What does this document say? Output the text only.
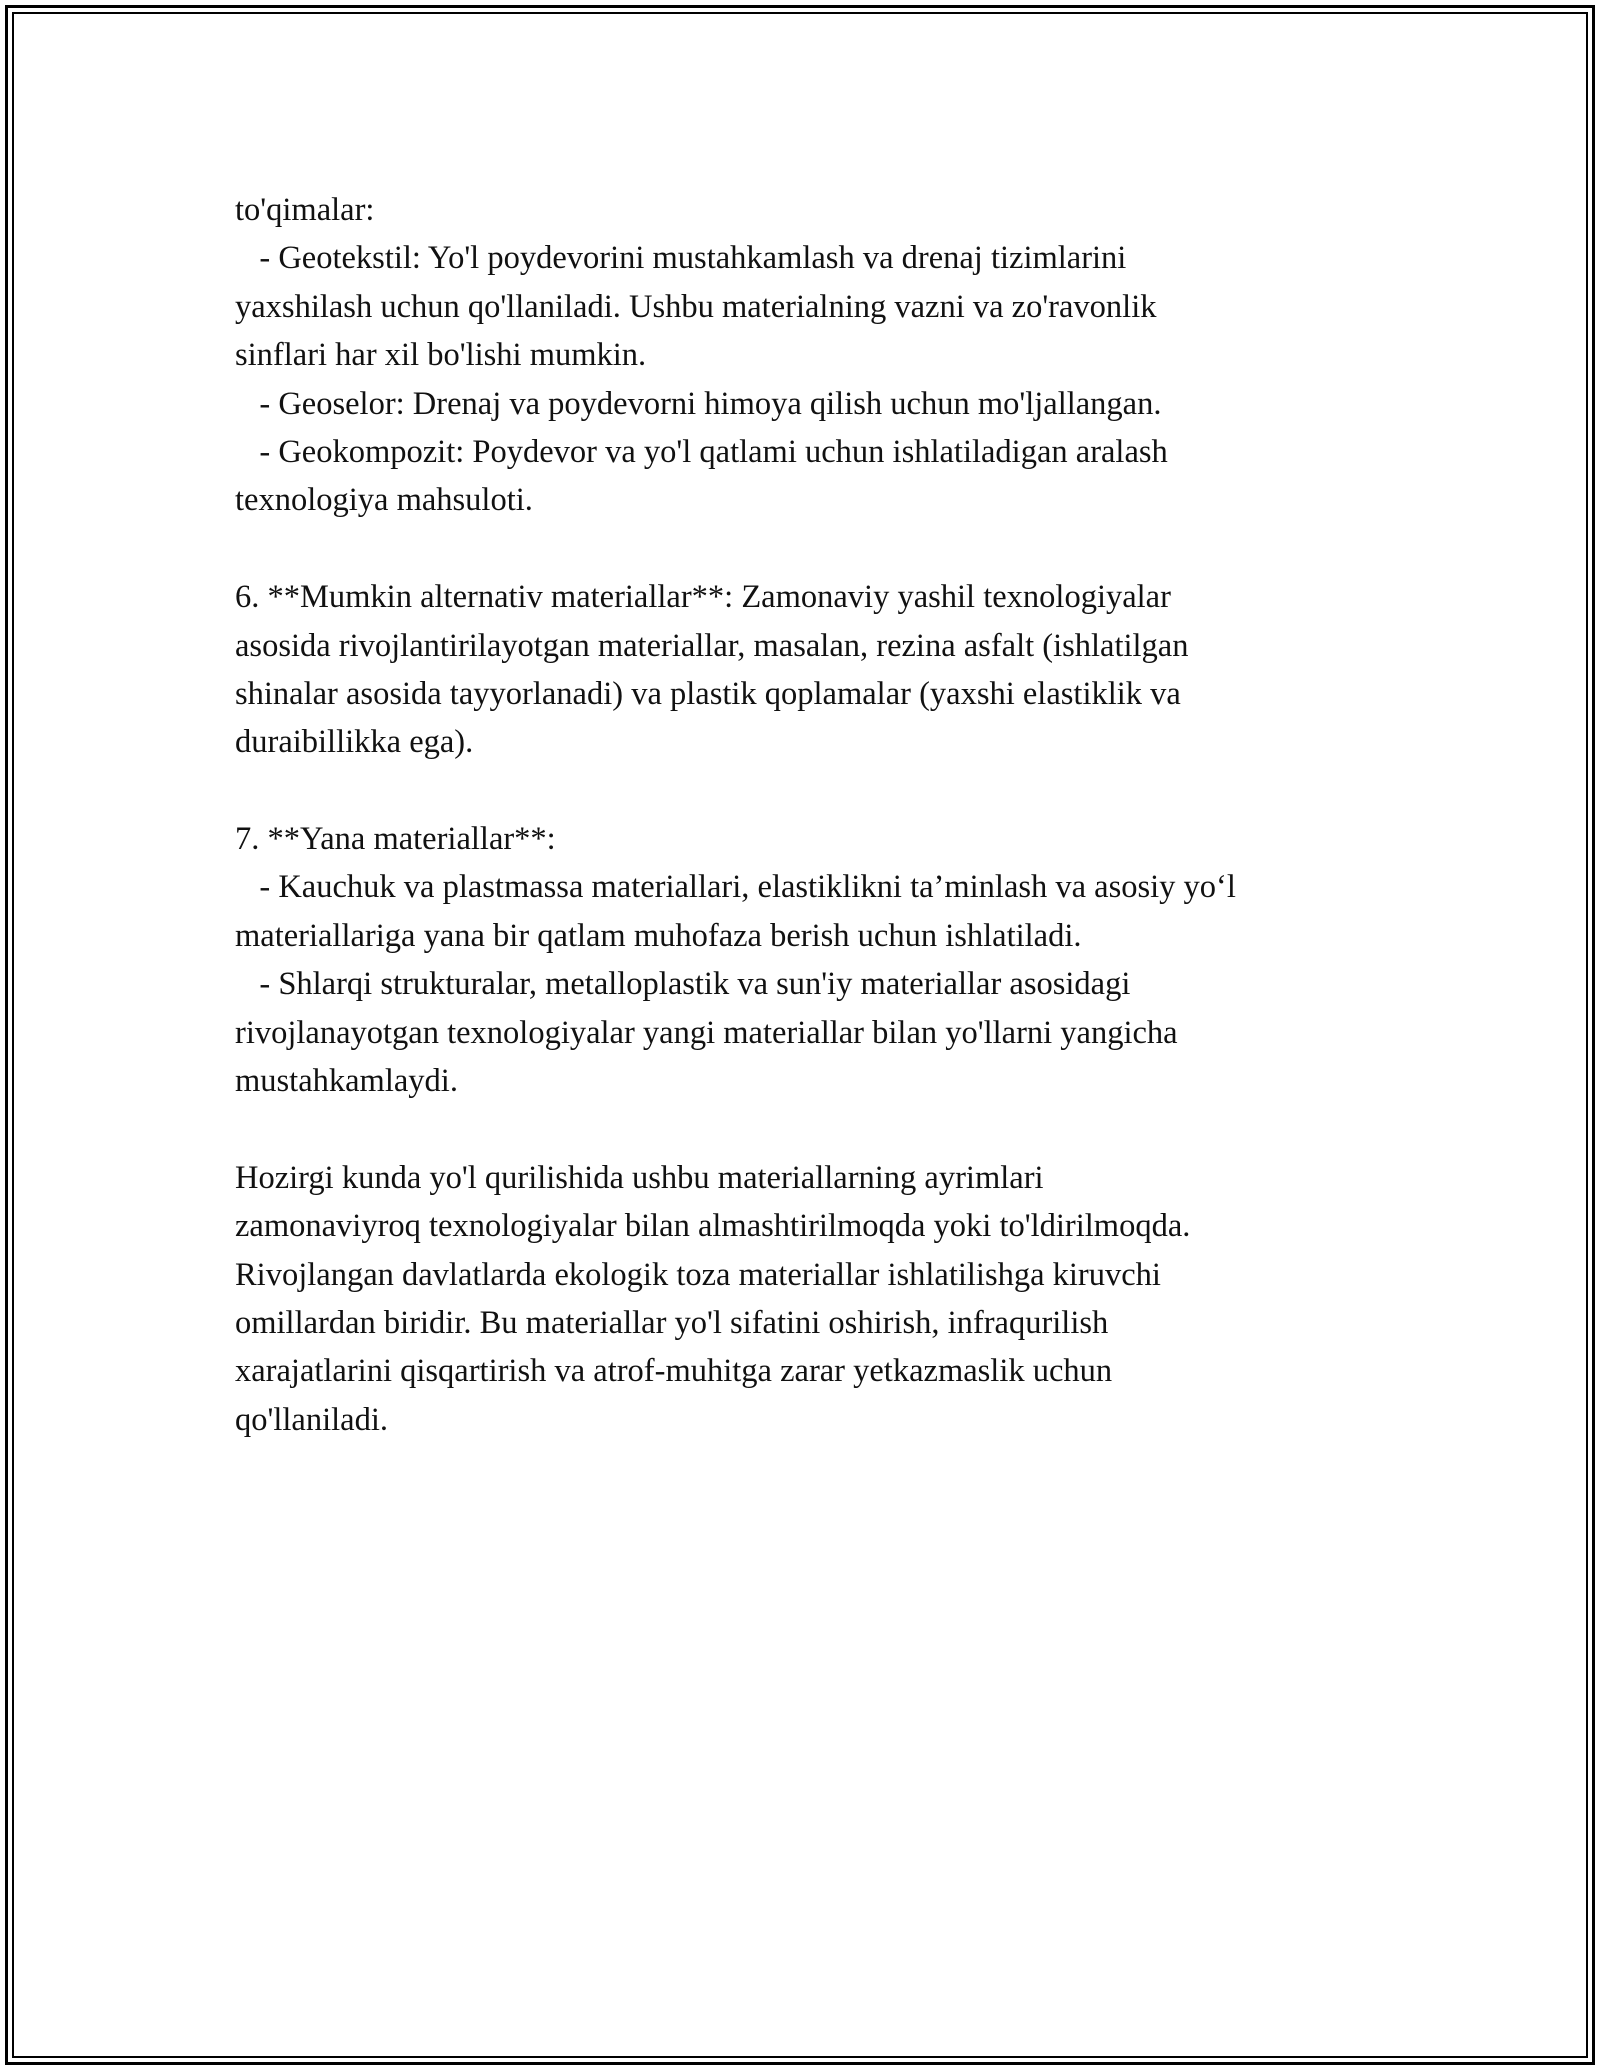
to'qimalar:
- Geotekstil: Yo'l poydevorini mustahkamlash va drenaj tizimlarini
yaxshilash uchun qo'llaniladi. Ushbu materialning vazni va zo'ravonlik
sinflari har xil bo'lishi mumkin.
- Geoselor: Drenaj va poydevorni himoya qilish uchun mo'ljallangan.
- Geokompozit: Poydevor va yo'l qatlami uchun ishlatiladigan aralash
texnologiya mahsuloti.
6. **Mumkin alternativ materiallar**: Zamonaviy yashil texnologiyalar
asosida rivojlantirilayotgan materiallar, masalan, rezina asfalt (ishlatilgan
shinalar asosida tayyorlanadi) va plastik qoplamalar (yaxshi elastiklik va
duraibillikka ega).
7. **Yana materiallar**:
- Kauchuk va plastmassa materiallari, elastiklikni ta’minlash va asosiy yo‘l
materiallariga yana bir qatlam muhofaza berish uchun ishlatiladi.
- Shlarqi strukturalar, metalloplastik va sun'iy materiallar asosidagi
rivojlanayotgan texnologiyalar yangi materiallar bilan yo'llarni yangicha
mustahkamlaydi.
Hozirgi kunda yo'l qurilishida ushbu materiallarning ayrimlari
zamonaviyroq texnologiyalar bilan almashtirilmoqda yoki to'ldirilmoqda.
Rivojlangan davlatlarda ekologik toza materiallar ishlatilishga kiruvchi
omillardan biridir. Bu materiallar yo'l sifatini oshirish, infraqurilish
xarajatlarini qisqartirish va atrof-muhitga zarar yetkazmaslik uchun
qo'llaniladi.
